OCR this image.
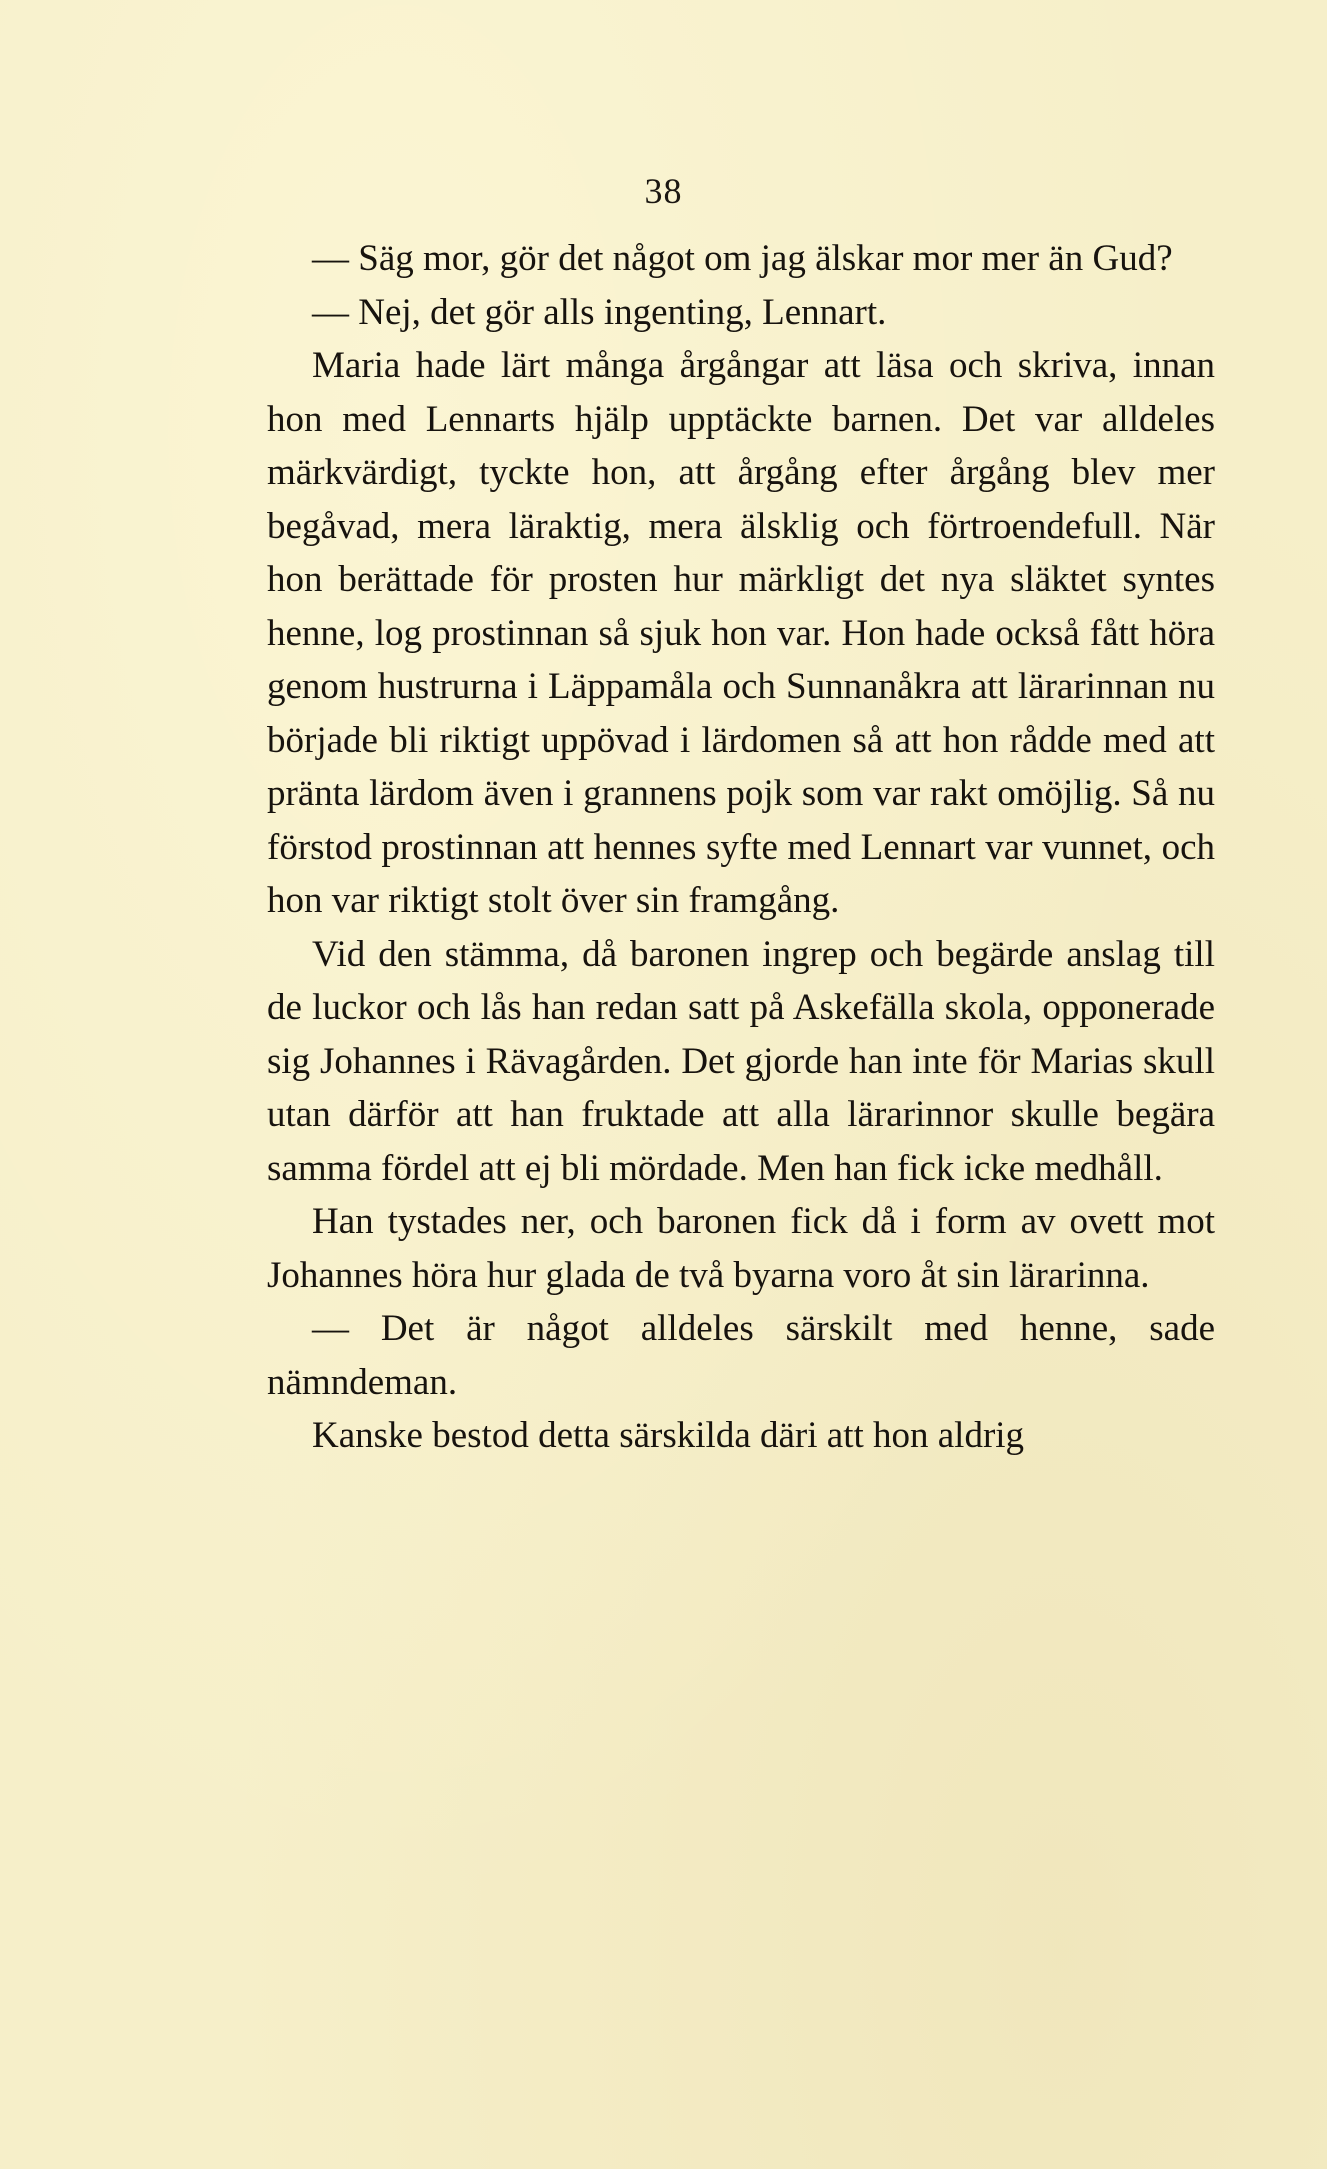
38

— Säg mor, gör det något om jag älskar mor mer än Gud?

— Nej, det gör alls ingenting, Lennart.

Maria hade lärt många årgångar att läsa och skriva, innan hon med Lennarts hjälp upptäckte barnen. Det var alldeles märkvärdigt, tyckte hon, att årgång efter årgång blev mer begåvad, mera läraktig, mera älsklig och förtroendefull. När hon berättade för prosten hur märkligt det nya släktet syntes henne, log prostinnan så sjuk hon var. Hon hade också fått höra genom hustrurna i Läppamåla och Sunnanåkra att lärarinnan nu började bli riktigt uppövad i lärdomen så att hon rådde med att pränta lärdom även i grannens pojk som var rakt omöjlig. Så nu förstod prostinnan att hennes syfte med Lennart var vunnet, och hon var riktigt stolt över sin framgång.

Vid den stämma, då baronen ingrep och begärde anslag till de luckor och lås han redan satt på Askefälla skola, opponerade sig Johannes i Rävagården. Det gjorde han inte för Marias skull utan därför att han fruktade att alla lärarinnor skulle begära samma fördel att ej bli mördade. Men han fick icke medhåll.

Han tystades ner, och baronen fick då i form av ovett mot Johannes höra hur glada de två byarna voro åt sin lärarinna.

— Det är något alldeles särskilt med henne, sade nämndeman.

Kanske bestod detta särskilda däri att hon aldrig
